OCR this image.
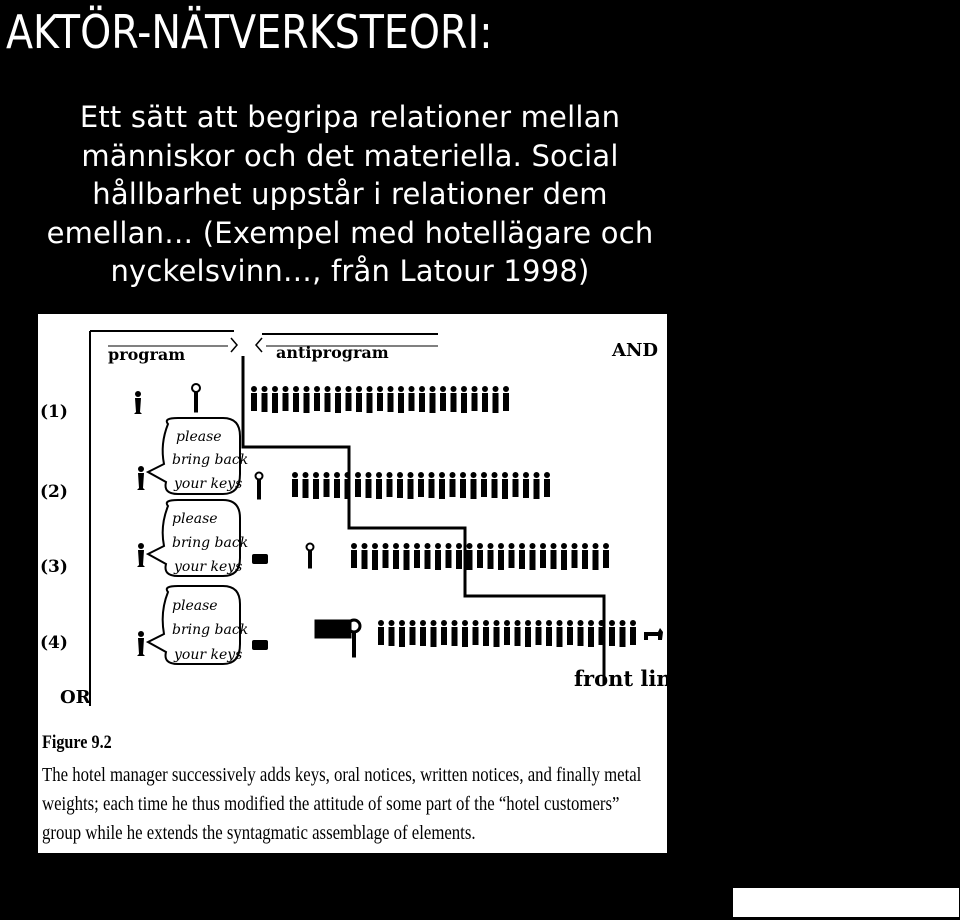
AKTÖR-NÄTVERKSTEORI:

Ett sätt att begripa relationer mellan
människor och det materiella. Social
hållbarhet uppstår i relationer dem
emellan… (Exempel med hotellägare och
nyckelsvinn…, från Latour 1998)

program	antiprogram	AND
OR
front line
(1)
(2)
(3)
(4)
please
bring back
your keys
please
bring back
your keys
please
bring back
your keys
Figure 9.2

The hotel manager successively adds keys, oral notices, written notices, and finally metal weights; each time he thus modified the attitude of some part of the “hotel customers” group while he extends the syntagmatic assemblage of elements.
